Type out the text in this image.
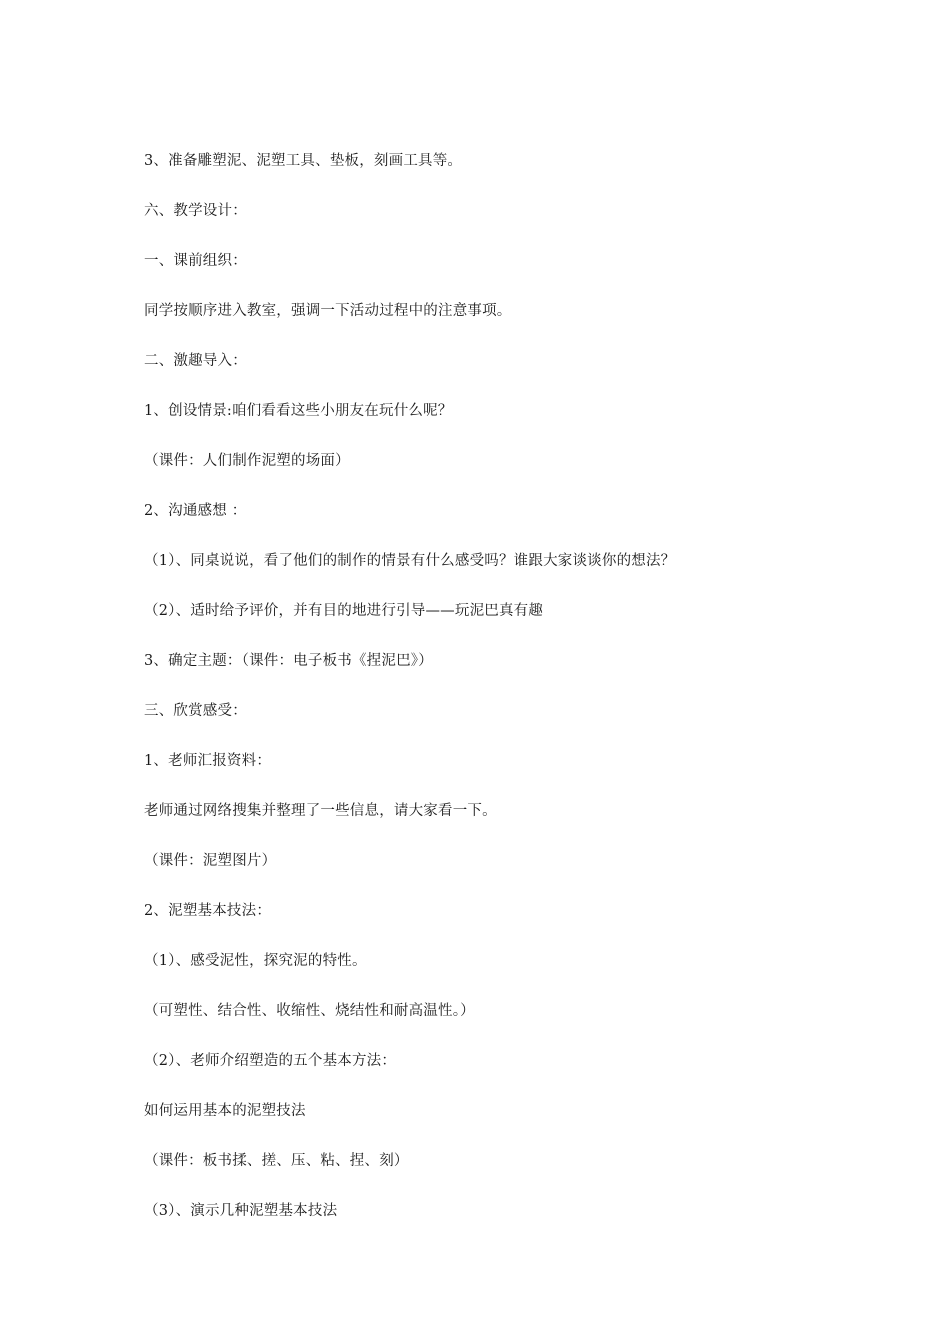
3、准备雕塑泥、泥塑工具、垫板，刻画工具等。
六、教学设计：
一、课前组织：
同学按顺序进入教室，强调一下活动过程中的注意事项。
二、激趣导入：
1、创设情景:咱们看看这些小朋友在玩什么呢？
（课件：人们制作泥塑的场面）
2、沟通感想 ：
（1）、同桌说说，看了他们的制作的情景有什么感受吗？谁跟大家谈谈你的想法？
（2）、适时给予评价，并有目的地进行引导——玩泥巴真有趣
3、确定主题：（课件：电子板书《捏泥巴》）
三、欣赏感受：
1、老师汇报资料：
老师通过网络搜集并整理了一些信息，请大家看一下。
（课件：泥塑图片）
2、泥塑基本技法：
（1）、感受泥性，探究泥的特性。
（可塑性、结合性、收缩性、烧结性和耐高温性。）
（2）、老师介绍塑造的五个基本方法：
如何运用基本的泥塑技法
（课件：板书揉、搓、压、粘、捏、刻）
（3）、演示几种泥塑基本技法
